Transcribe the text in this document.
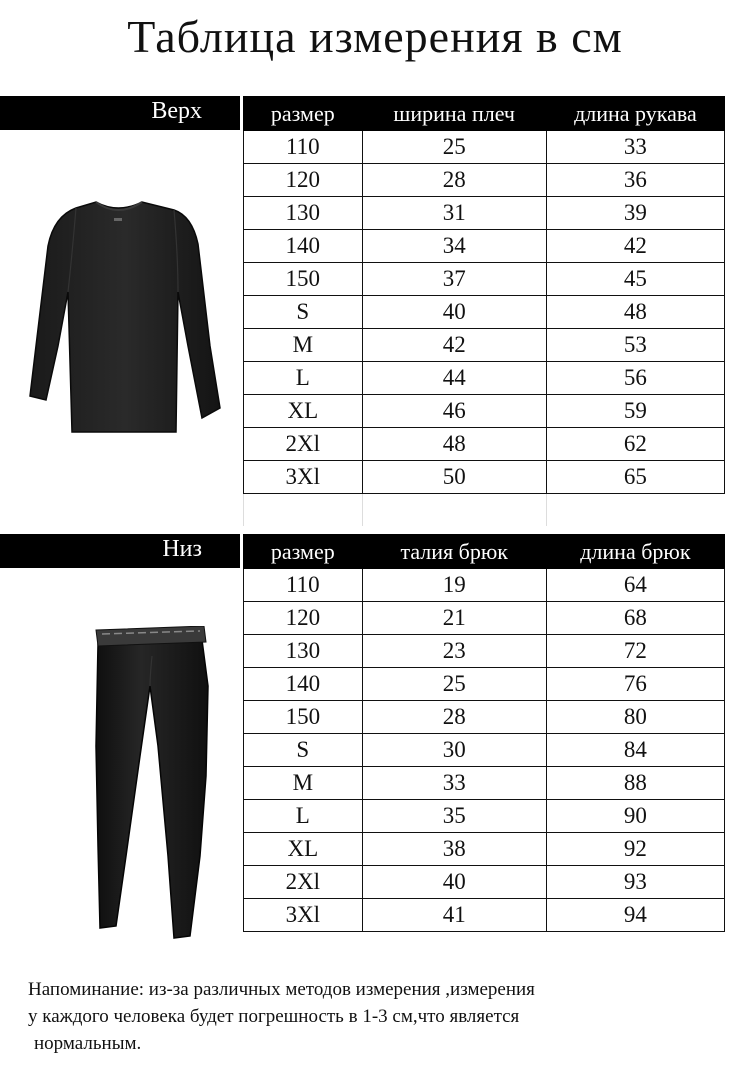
Таблица измерения в см
Верх
Низ
размер	ширина плеч	длина рукава
110	25	33
120	28	36
130	31	39
140	34	42
150	37	45
S	40	48
M	42	53
L	44	56
XL	46	59
2Xl	48	62
3Xl	50	65

размер	талия брюк	длина брюк
110	19	64
120	21	68
130	23	72
140	25	76
150	28	80
S	30	84
M	33	88
L	35	90
XL	38	92
2Xl	40	93
3Xl	41	94
Напоминание: из-за различных методов измерения ,измерения
у каждого человека будет погрешность в 1-3 см,что является
нормальным.
